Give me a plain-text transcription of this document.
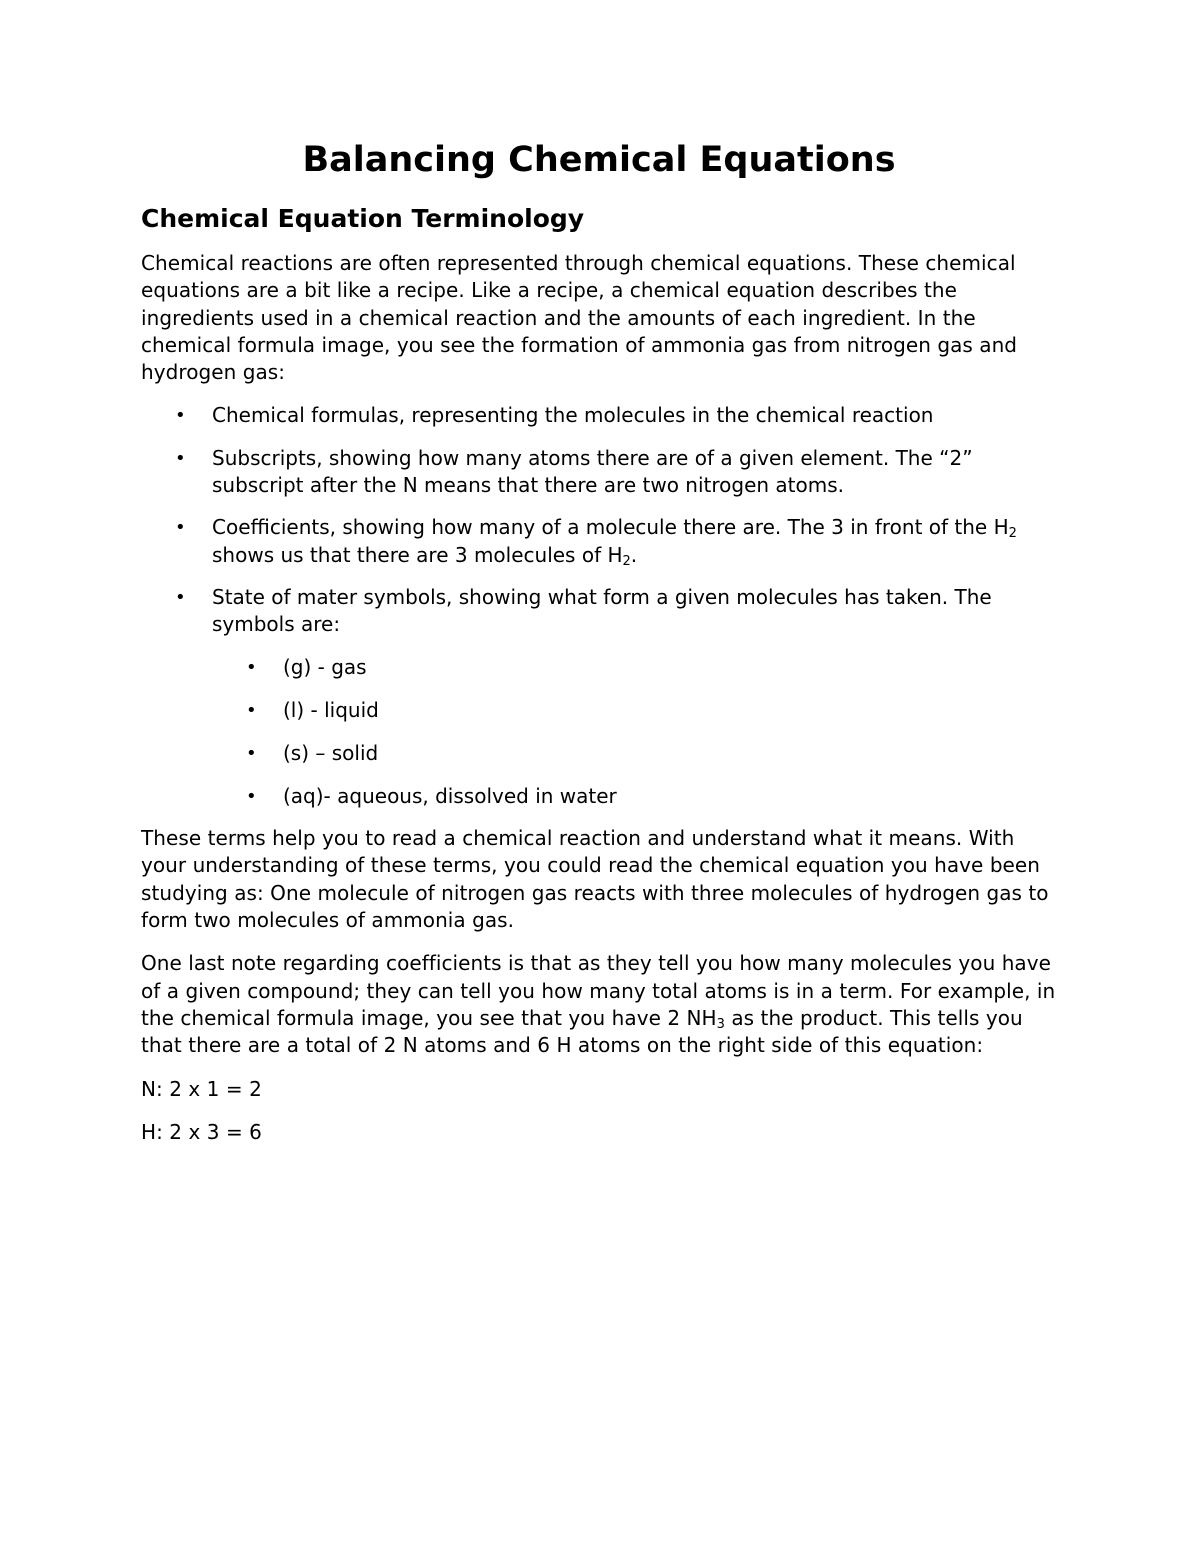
Balancing Chemical Equations
Chemical Equation Terminology

Chemical reactions are often represented through chemical equations. These chemical equations are a bit like a recipe. Like a recipe, a chemical equation describes the ingredients used in a chemical reaction and the amounts of each ingredient. In the chemical formula image, you see the formation of ammonia gas from nitrogen gas and hydrogen gas:

• Chemical formulas, representing the molecules in the chemical reaction
• Subscripts, showing how many atoms there are of a given element. The “2” subscript after the N means that there are two nitrogen atoms.
• Coefficients, showing how many of a molecule there are. The 3 in front of the $H_2$ shows us that there are 3 molecules of $H_2$.
• State of mater symbols, showing what form a given molecules has taken. The symbols are:
• (g) - gas
• (l) - liquid
• (s) – solid
• (aq)- aqueous, dissolved in water

These terms help you to read a chemical reaction and understand what it means. With your understanding of these terms, you could read the chemical equation you have been studying as: One molecule of nitrogen gas reacts with three molecules of hydrogen gas to form two molecules of ammonia gas.

One last note regarding coefficients is that as they tell you how many molecules you have of a given compound; they can tell you how many total atoms is in a term. For example, in the chemical formula image, you see that you have 2 $NH_3$ as the product. This tells you that there are a total of 2 N atoms and 6 H atoms on the right side of this equation:

N: 2 x 1 = 2

H: 2 x 3 = 6
